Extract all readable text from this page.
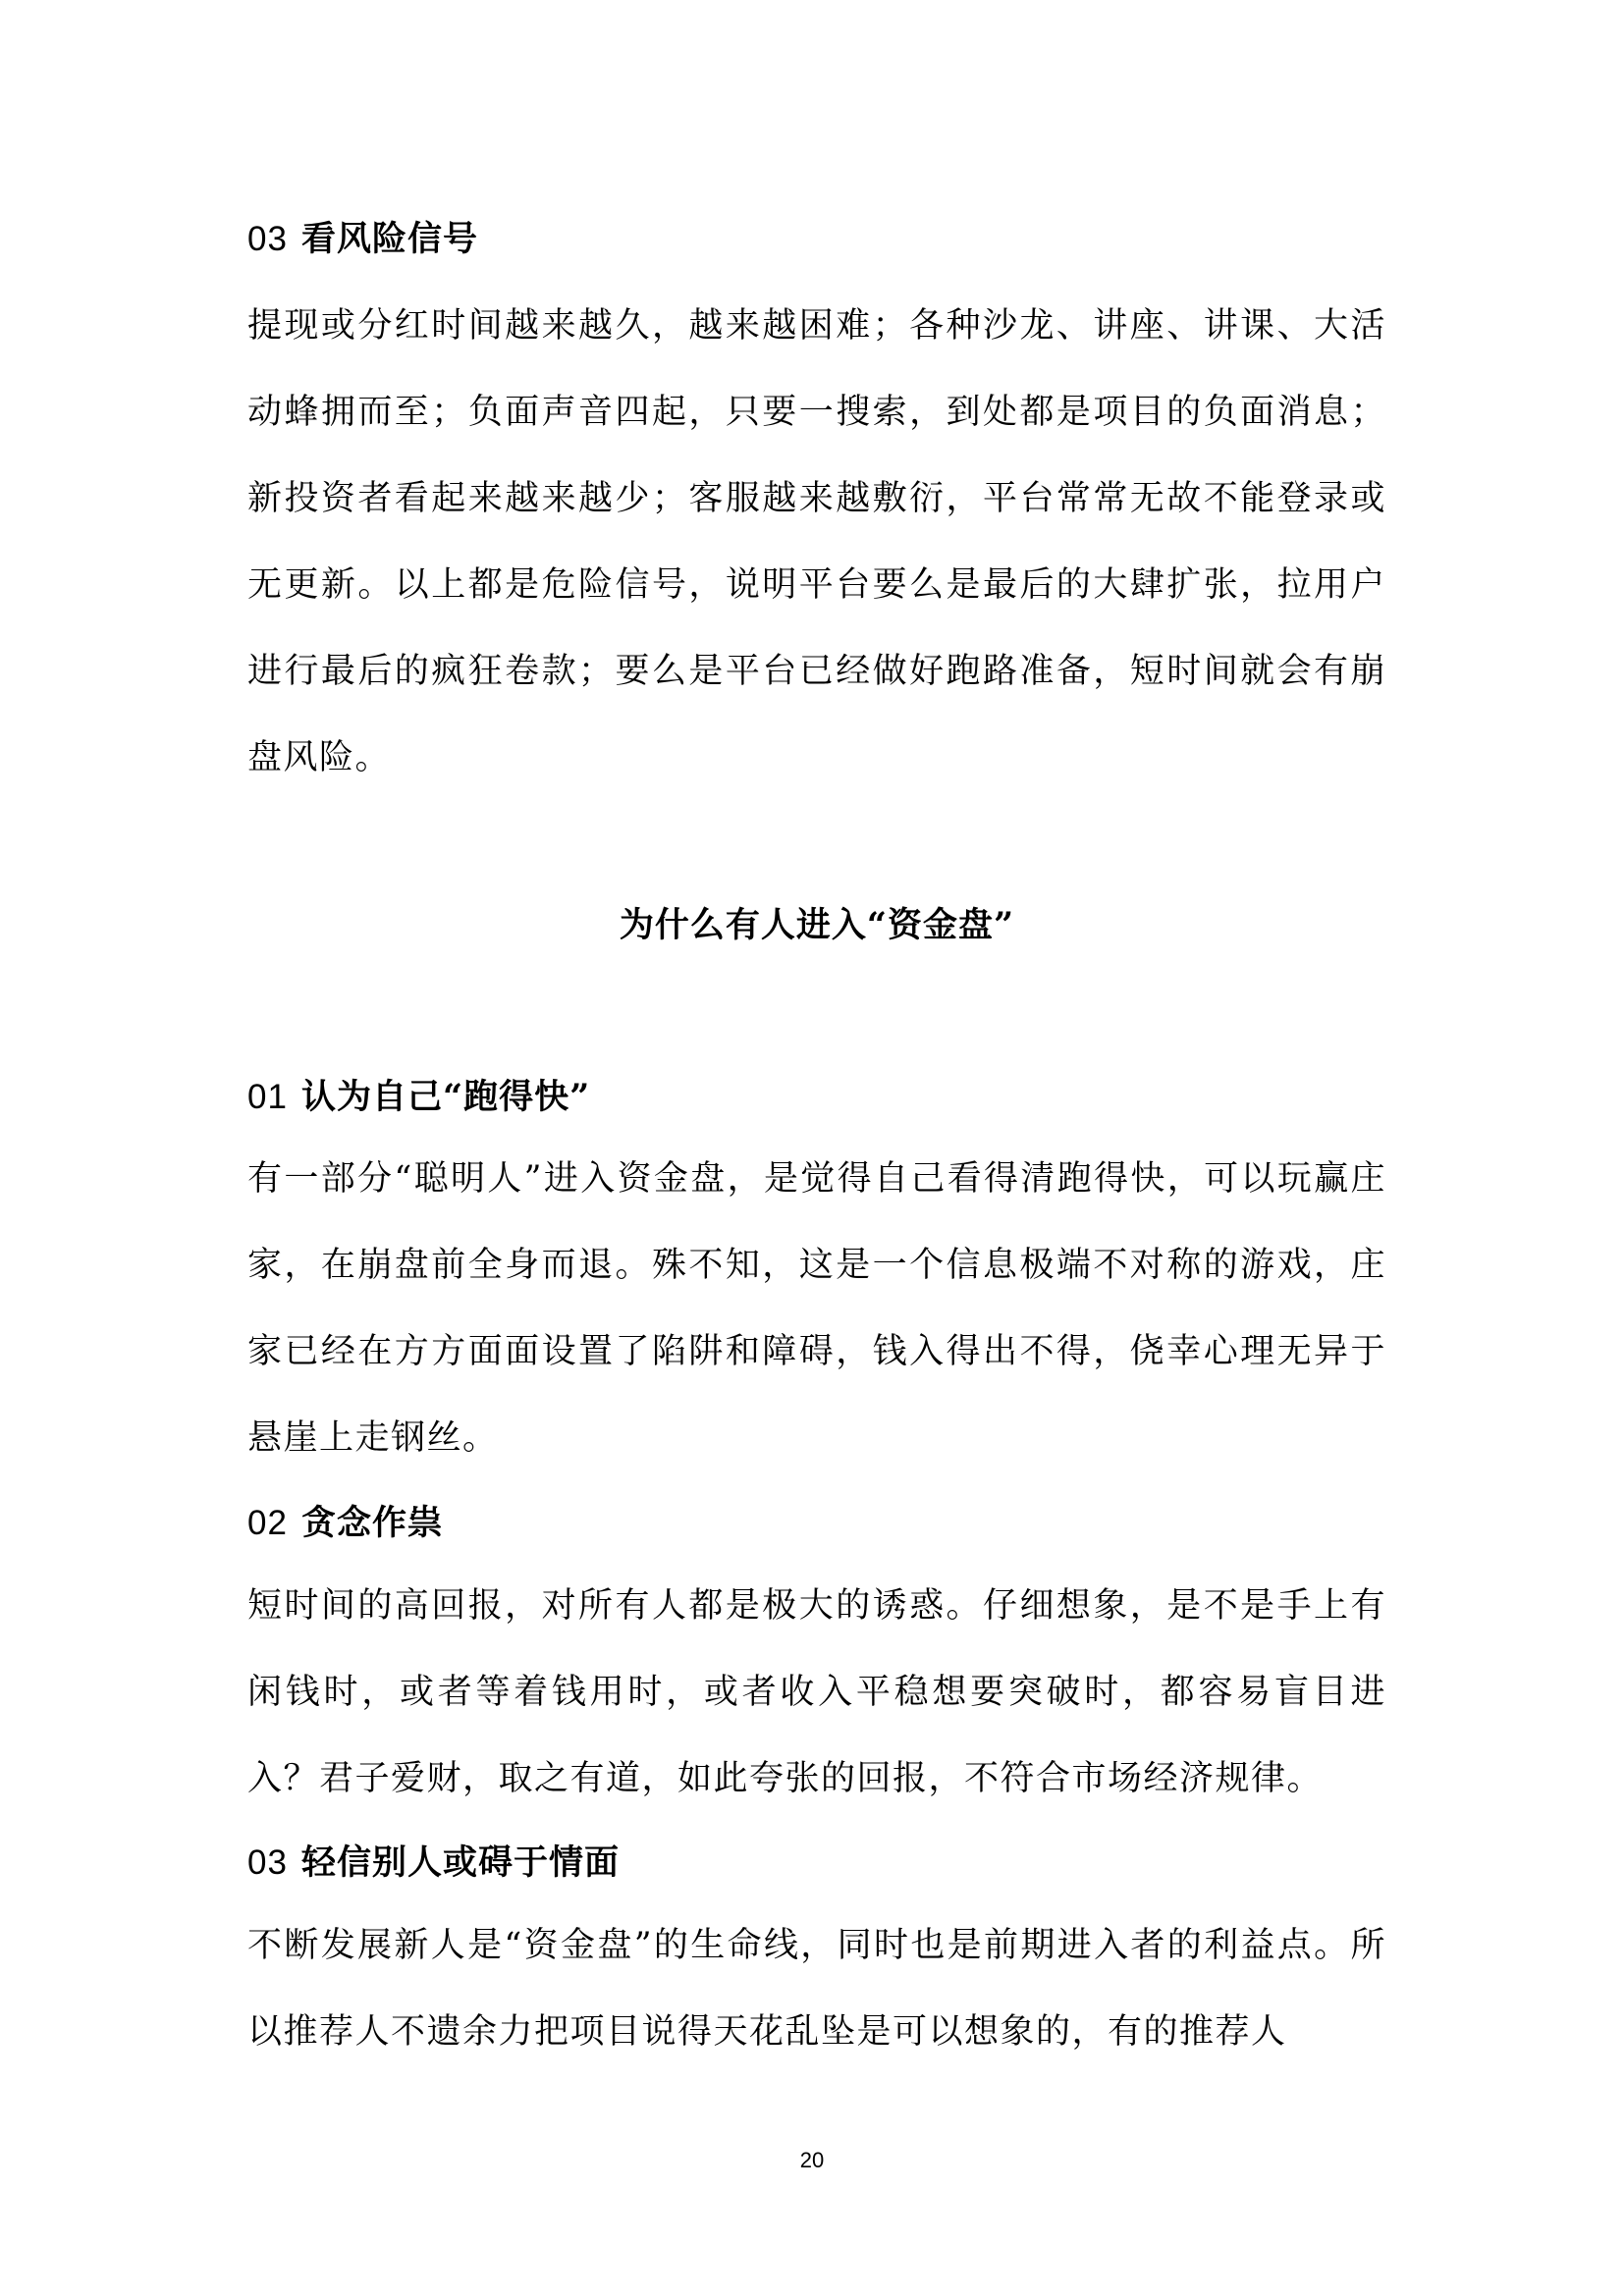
03 看风险信号

提现或分红时间越来越久，越来越困难；各种沙龙、讲座、讲课、大活动蜂拥而至；负面声音四起，只要一搜索，到处都是项目的负面消息；新投资者看起来越来越少；客服越来越敷衍，平台常常无故不能登录或无更新。以上都是危险信号，说明平台要么是最后的大肆扩张，拉用户进行最后的疯狂卷款；要么是平台已经做好跑路准备，短时间就会有崩盘风险。

为什么有人进入“资金盘”
01 认为自己“跑得快”

有一部分“聪明人”进入资金盘，是觉得自己看得清跑得快，可以玩赢庄家，在崩盘前全身而退。殊不知，这是一个信息极端不对称的游戏，庄家已经在方方面面设置了陷阱和障碍，钱入得出不得，侥幸心理无异于悬崖上走钢丝。

02 贪念作祟

短时间的高回报，对所有人都是极大的诱惑。仔细想象，是不是手上有闲钱时，或者等着钱用时，或者收入平稳想要突破时，都容易盲目进入？君子爱财，取之有道，如此夸张的回报，不符合市场经济规律。

03 轻信别人或碍于情面

不断发展新人是“资金盘”的生命线，同时也是前期进入者的利益点。所以推荐人不遗余力把项目说得天花乱坠是可以想象的，有的推荐人

20
